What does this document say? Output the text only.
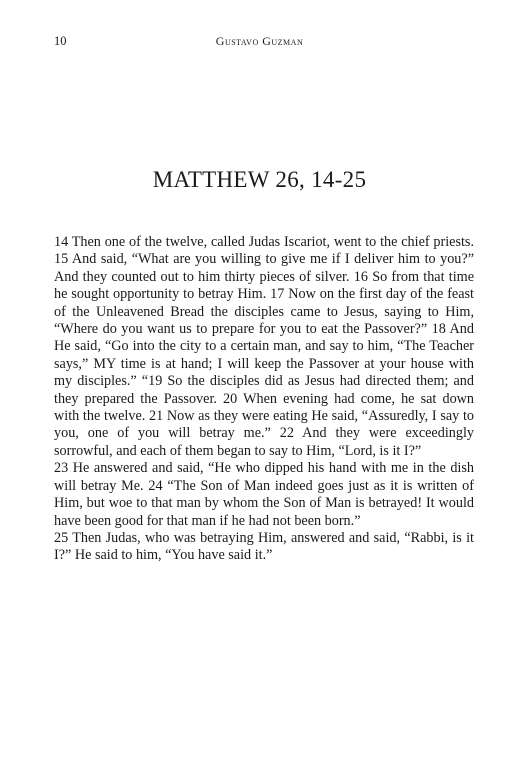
10	Gustavo Guzman
MATTHEW 26, 14-25

14 Then one of the twelve, called Judas Iscariot, went to the chief priests. 15 And said, “What are you willing to give me if I deliver him to you?” And they counted out to him thirty pieces of silver. 16 So from that time he sought opportunity to betray Him. 17 Now on the first day of the feast of the Unleavened Bread the disciples came to Jesus, saying to Him, “Where do you want us to prepare for you to eat the Passover?” 18 And He said, “Go into the city to a certain man, and say to him, “The Teacher says,” MY time is at hand; I will keep the Passover at your house with my disciples.” “19 So the disciples did as Jesus had directed them; and they prepared the Passover. 20 When evening had come, he sat down with the twelve. 21 Now as they were eating He said, “Assuredly, I say to you, one of you will betray me.” 22 And they were exceedingly sorrowful, and each of them began to say to Him, “Lord, is it I?”

23 He answered and said, “He who dipped his hand with me in the dish will betray Me. 24 “The Son of Man indeed goes just as it is written of Him, but woe to that man by whom the Son of Man is betrayed! It would have been good for that man if he had not been born.”

25 Then Judas, who was betraying Him, answered and said, “Rabbi, is it I?” He said to him, “You have said it.”
